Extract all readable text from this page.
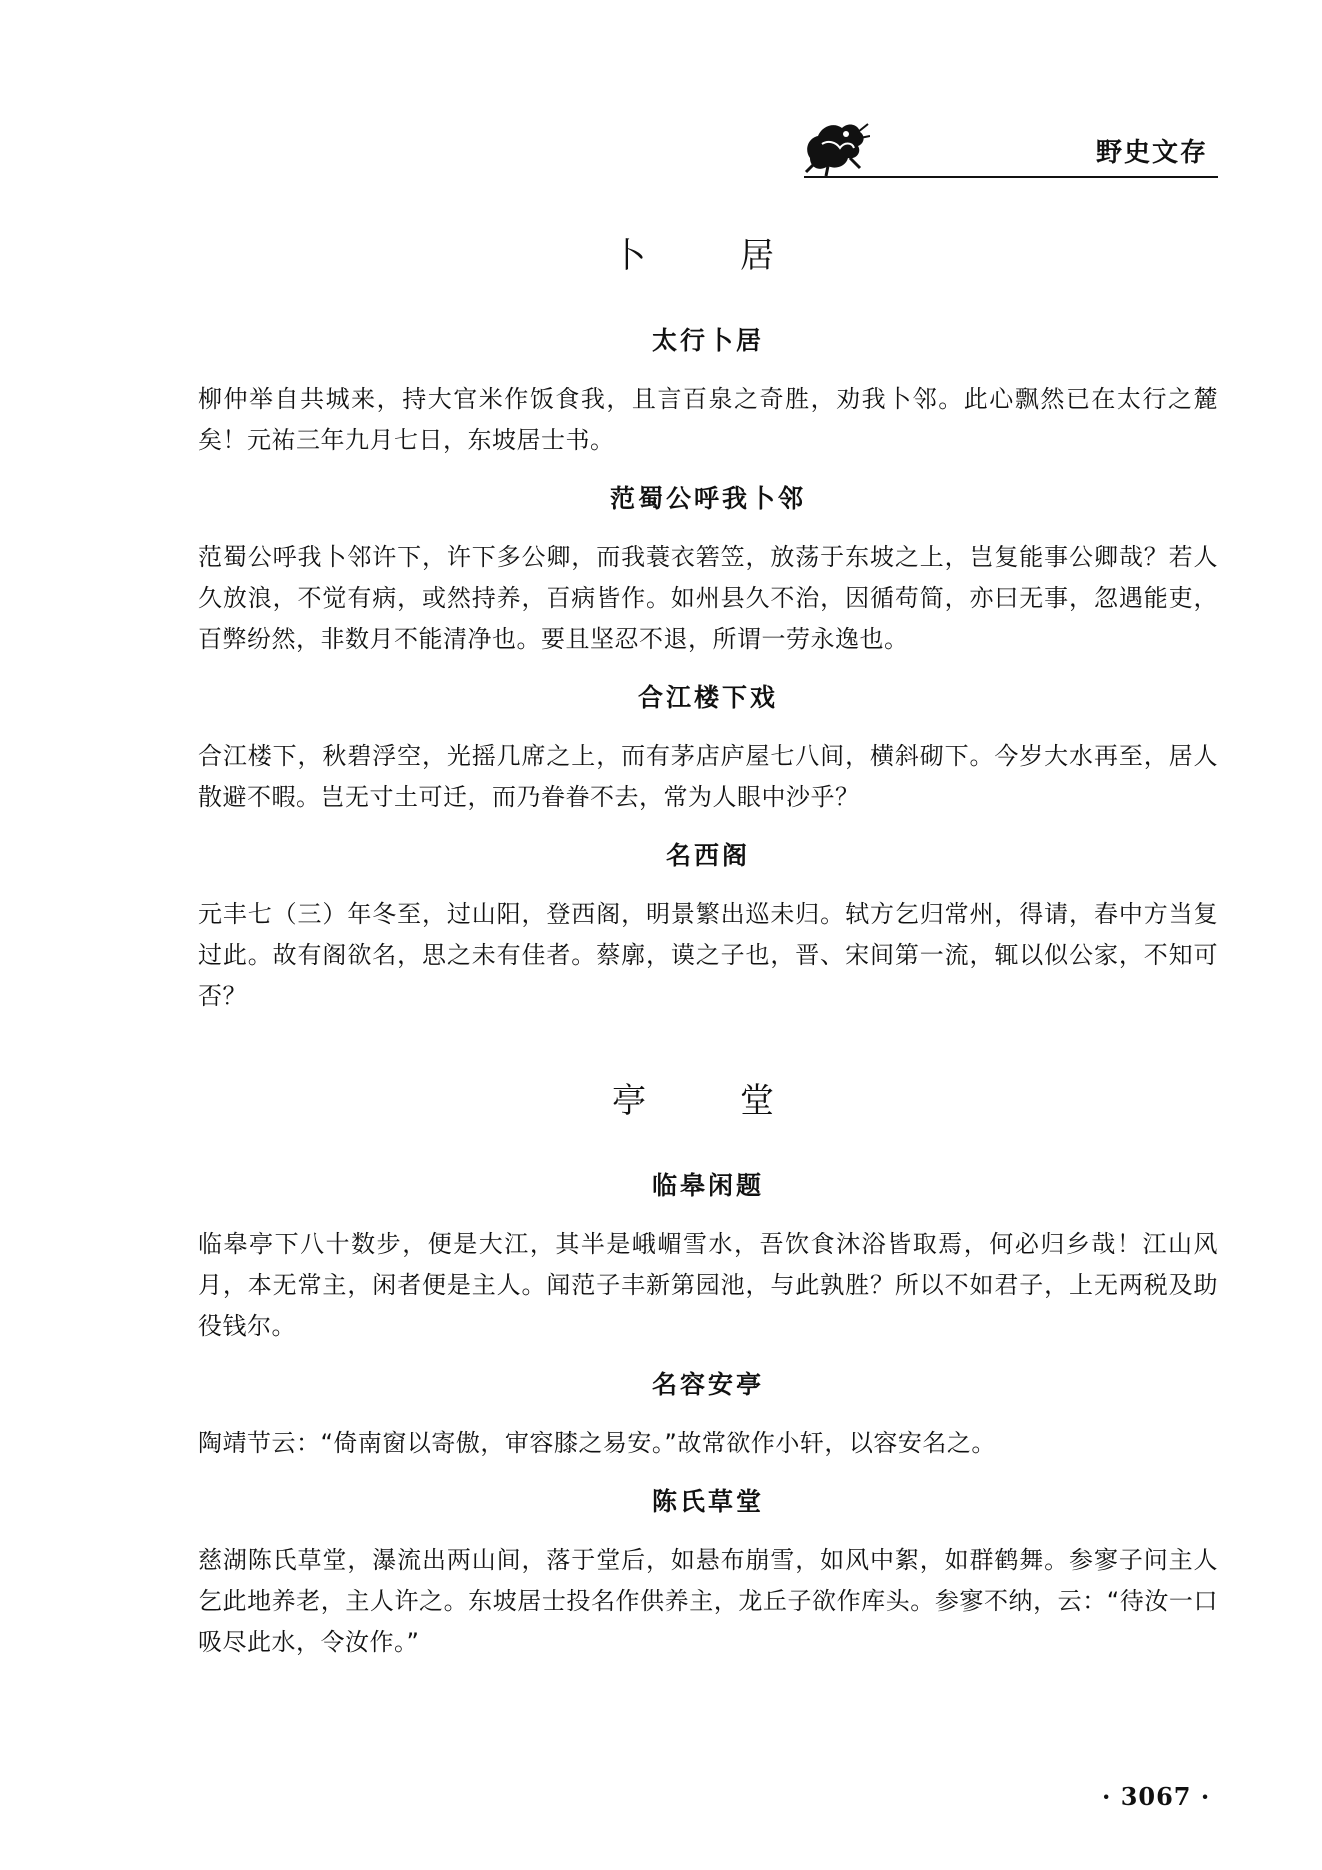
野史文存
卜　居
太行卜居

柳仲举自共城来，持大官米作饭食我，且言百泉之奇胜，劝我卜邻。此心飘然已在太行之麓矣！元祐三年九月七日，东坡居士书。

范蜀公呼我卜邻

范蜀公呼我卜邻许下，许下多公卿，而我蓑衣箬笠，放荡于东坡之上，岂复能事公卿哉？若人久放浪，不觉有病，或然持养，百病皆作。如州县久不治，因循苟简，亦曰无事，忽遇能吏，百弊纷然，非数月不能清净也。要且坚忍不退，所谓一劳永逸也。

合江楼下戏

合江楼下，秋碧浮空，光摇几席之上，而有茅店庐屋七八间，横斜砌下。今岁大水再至，居人散避不暇。岂无寸土可迁，而乃眷眷不去，常为人眼中沙乎？

名西阁

元丰七（三）年冬至，过山阳，登西阁，明景繁出巡未归。轼方乞归常州，得请，春中方当复过此。故有阁欲名，思之未有佳者。蔡廓，谟之子也，晋、宋间第一流，辄以似公家，不知可否？

亭　堂
临皋闲题

临皋亭下八十数步，便是大江，其半是峨嵋雪水，吾饮食沐浴皆取焉，何必归乡哉！江山风月，本无常主，闲者便是主人。闻范子丰新第园池，与此孰胜？所以不如君子，上无两税及助役钱尔。

名容安亭

陶靖节云：“倚南窗以寄傲，审容膝之易安。”故常欲作小轩，以容安名之。

陈氏草堂

慈湖陈氏草堂，瀑流出两山间，落于堂后，如悬布崩雪，如风中絮，如群鹤舞。参寥子问主人乞此地养老，主人许之。东坡居士投名作供养主，龙丘子欲作库头。参寥不纳，云：“待汝一口吸尽此水，令汝作。”

· 3067 ·
